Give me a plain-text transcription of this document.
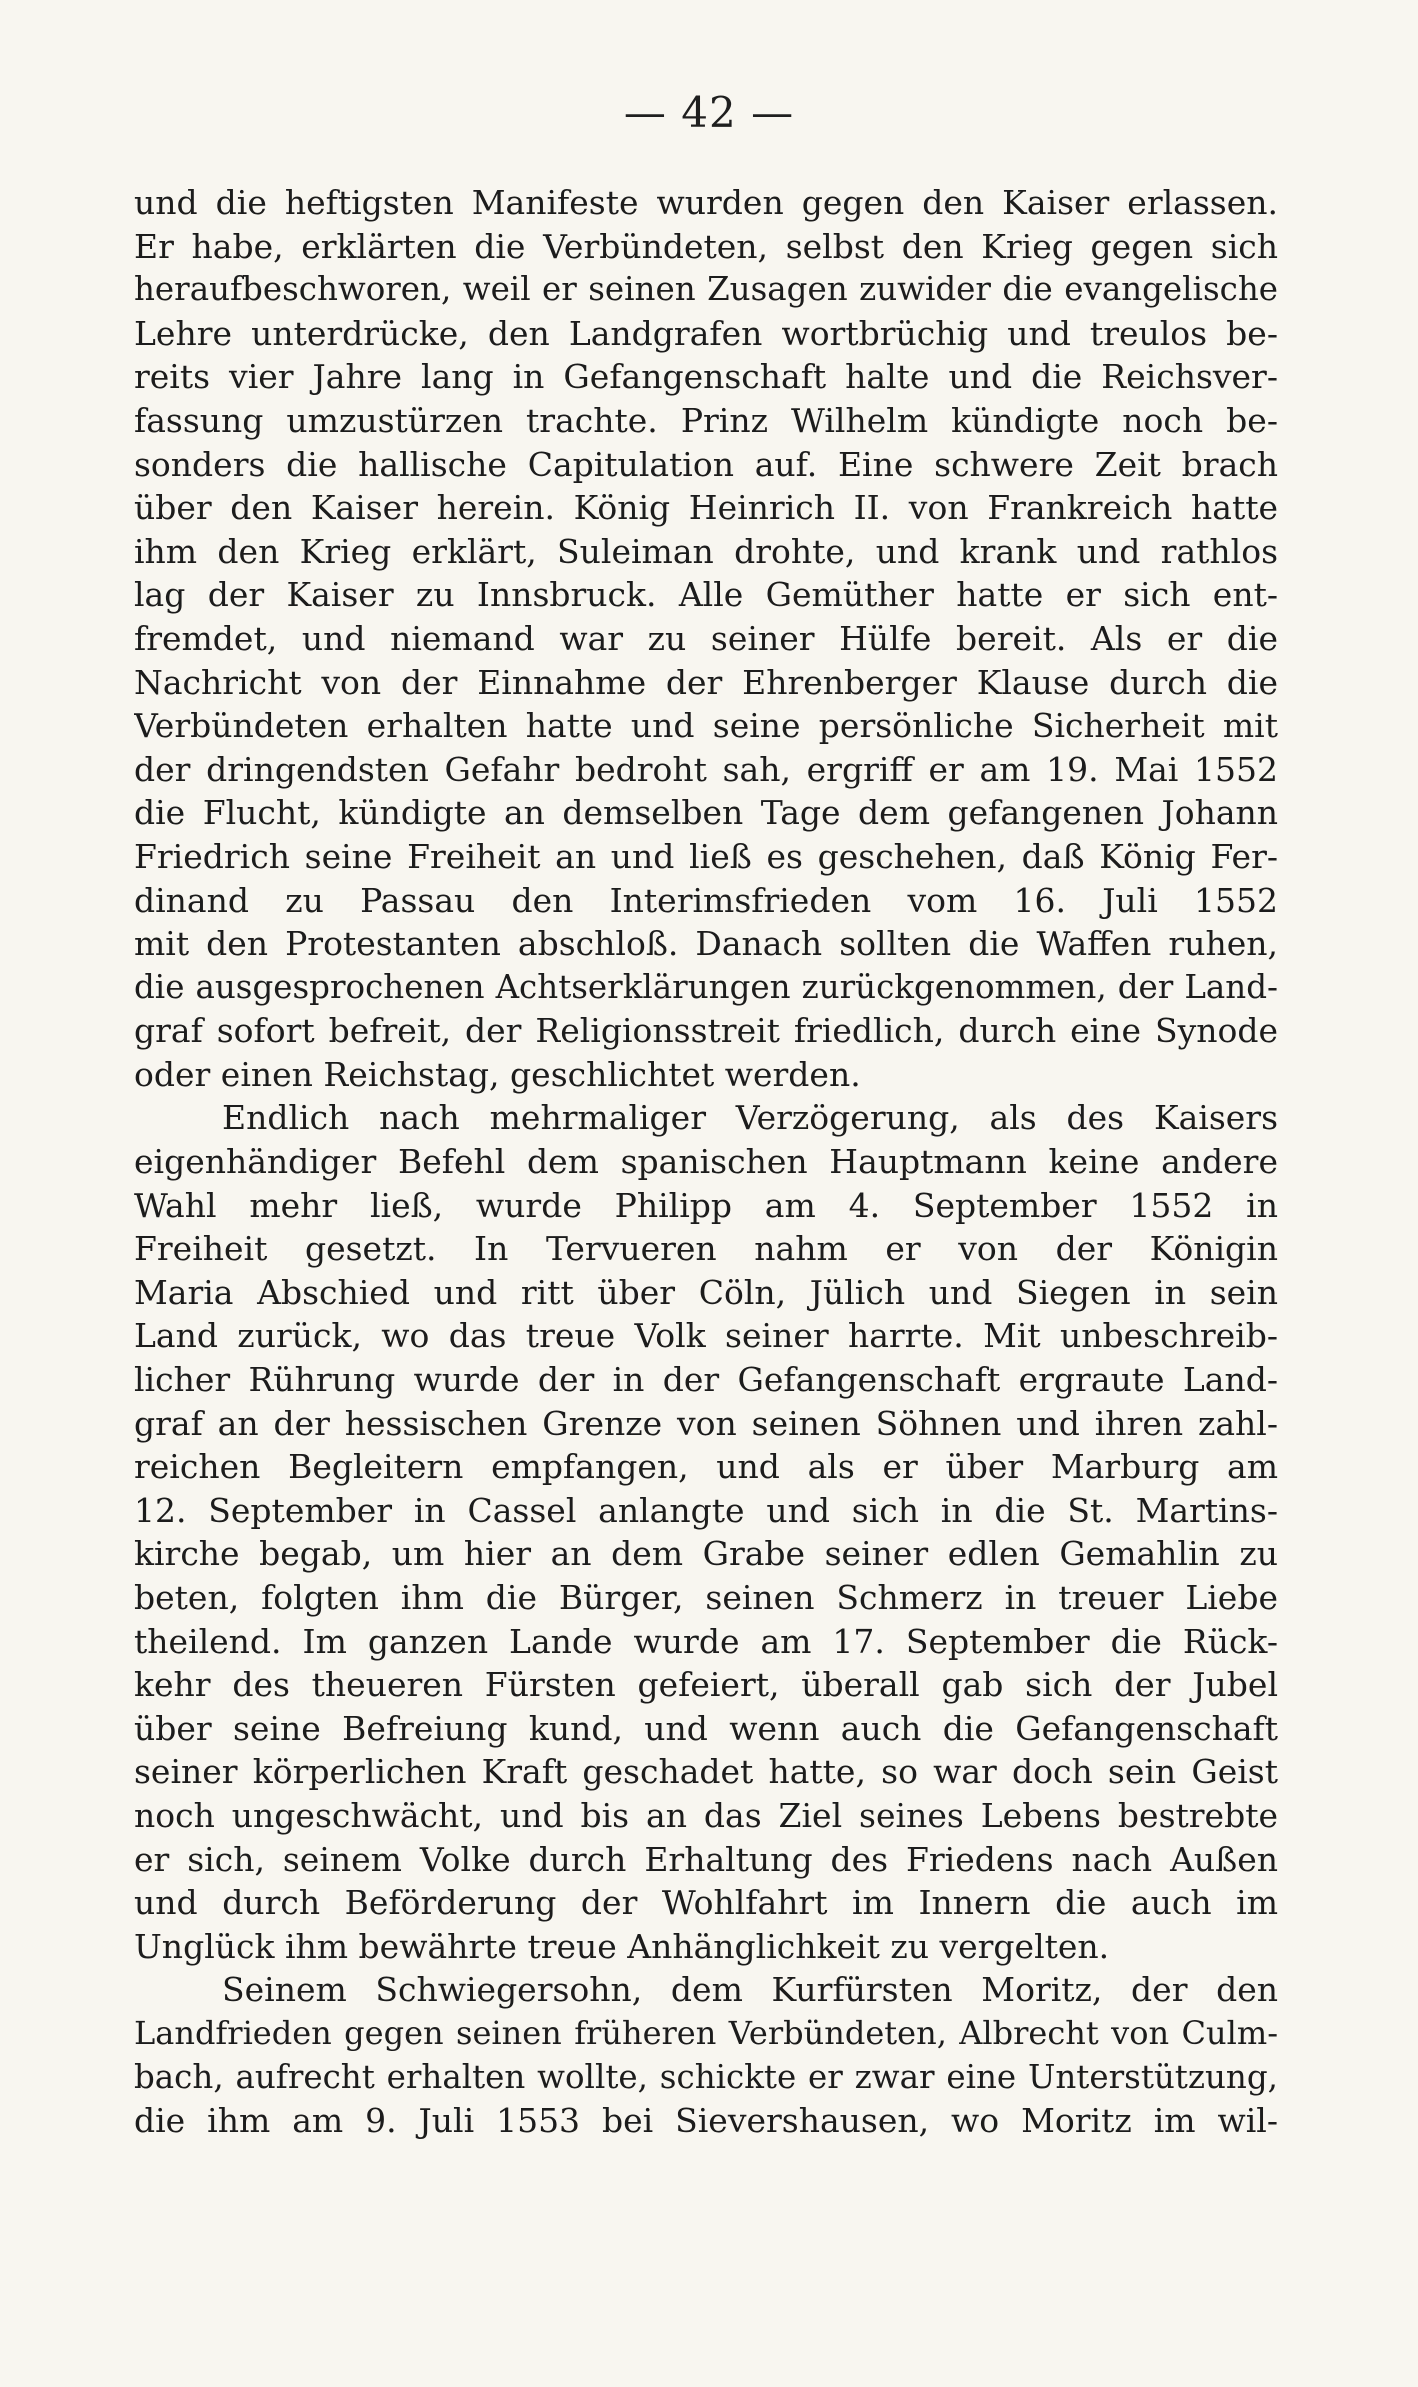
— 42 —
und die heftigsten Manifeste wurden gegen den Kaiser erlassen.
Er habe, erklärten die Verbündeten, selbst den Krieg gegen sich
heraufbeschworen, weil er seinen Zusagen zuwider die evangelische
Lehre unterdrücke, den Landgrafen wortbrüchig und treulos be-
reits vier Jahre lang in Gefangenschaft halte und die Reichsver-
fassung umzustürzen trachte. Prinz Wilhelm kündigte noch be-
sonders die hallische Capitulation auf. Eine schwere Zeit brach
über den Kaiser herein. König Heinrich II. von Frankreich hatte
ihm den Krieg erklärt, Suleiman drohte, und krank und rathlos
lag der Kaiser zu Innsbruck. Alle Gemüther hatte er sich ent-
fremdet, und niemand war zu seiner Hülfe bereit. Als er die
Nachricht von der Einnahme der Ehrenberger Klause durch die
Verbündeten erhalten hatte und seine persönliche Sicherheit mit
der dringendsten Gefahr bedroht sah, ergriff er am 19. Mai 1552
die Flucht, kündigte an demselben Tage dem gefangenen Johann
Friedrich seine Freiheit an und ließ es geschehen, daß König Fer-
dinand zu Passau den Interimsfrieden vom 16. Juli 1552
mit den Protestanten abschloß. Danach sollten die Waffen ruhen,
die ausgesprochenen Achtserklärungen zurückgenommen, der Land-
graf sofort befreit, der Religionsstreit friedlich, durch eine Synode
oder einen Reichstag, geschlichtet werden.
Endlich nach mehrmaliger Verzögerung, als des Kaisers
eigenhändiger Befehl dem spanischen Hauptmann keine andere
Wahl mehr ließ, wurde Philipp am 4. September 1552 in
Freiheit gesetzt. In Tervueren nahm er von der Königin
Maria Abschied und ritt über Cöln, Jülich und Siegen in sein
Land zurück, wo das treue Volk seiner harrte. Mit unbeschreib-
licher Rührung wurde der in der Gefangenschaft ergraute Land-
graf an der hessischen Grenze von seinen Söhnen und ihren zahl-
reichen Begleitern empfangen, und als er über Marburg am
12. September in Cassel anlangte und sich in die St. Martins-
kirche begab, um hier an dem Grabe seiner edlen Gemahlin zu
beten, folgten ihm die Bürger, seinen Schmerz in treuer Liebe
theilend. Im ganzen Lande wurde am 17. September die Rück-
kehr des theueren Fürsten gefeiert, überall gab sich der Jubel
über seine Befreiung kund, und wenn auch die Gefangenschaft
seiner körperlichen Kraft geschadet hatte, so war doch sein Geist
noch ungeschwächt, und bis an das Ziel seines Lebens bestrebte
er sich, seinem Volke durch Erhaltung des Friedens nach Außen
und durch Beförderung der Wohlfahrt im Innern die auch im
Unglück ihm bewährte treue Anhänglichkeit zu vergelten.
Seinem Schwiegersohn, dem Kurfürsten Moritz, der den
Landfrieden gegen seinen früheren Verbündeten, Albrecht von Culm-
bach, aufrecht erhalten wollte, schickte er zwar eine Unterstützung,
die ihm am 9. Juli 1553 bei Sievershausen, wo Moritz im wil-
